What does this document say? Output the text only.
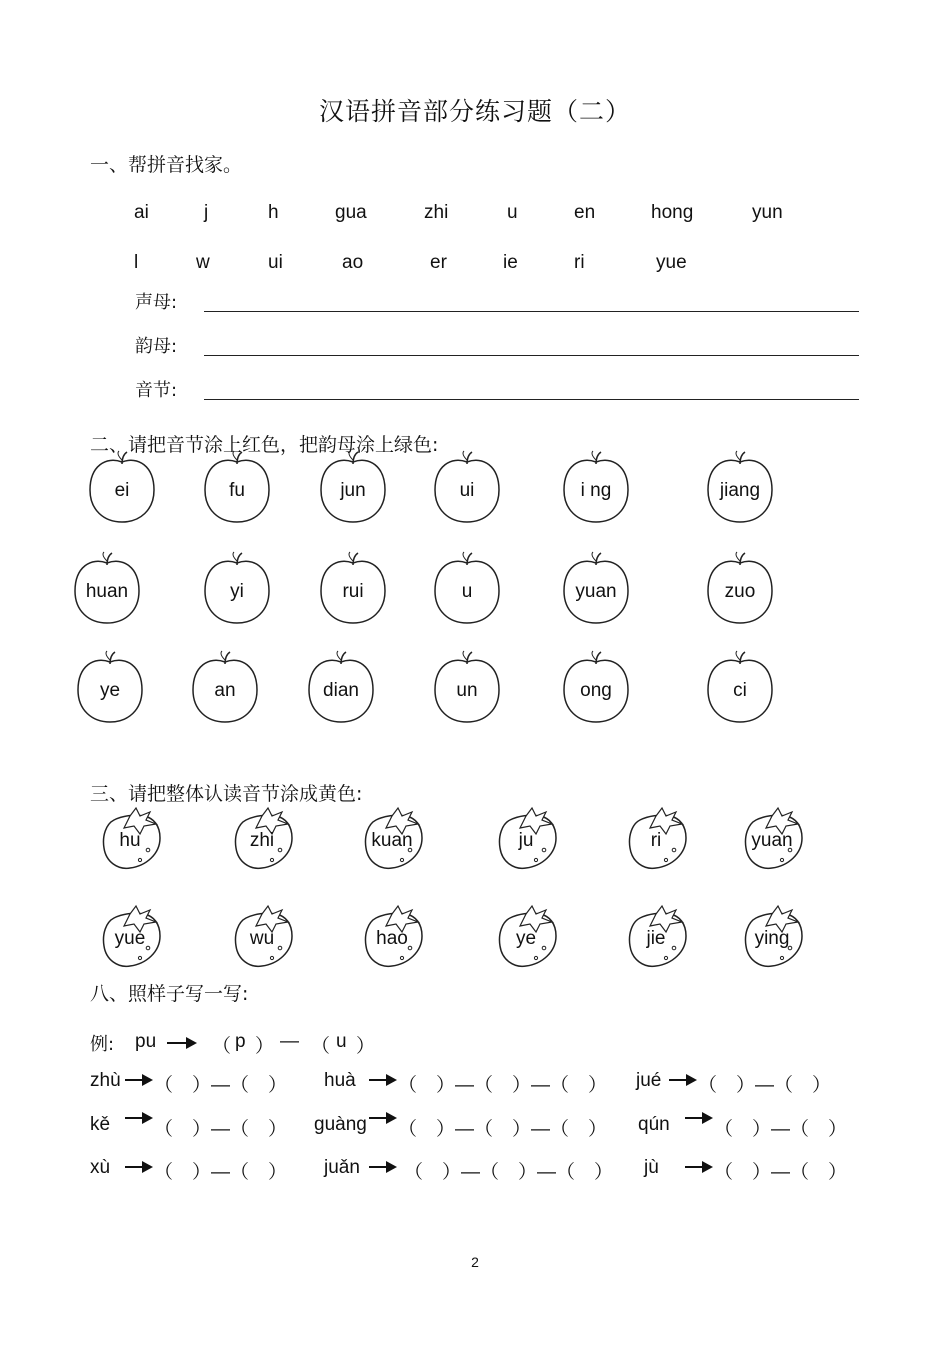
汉语拼音部分练习题（二）
一、帮拼音找家。
ai	j	h	gua	zhi	u	en	hong	yun
l	w	ui	ao	er	ie	ri	yue
声母:
韵母:
音节:
二、请把音节涂上红色，把韵母涂上绿色:
ei	fu	jun	ui	i ng	jiang
huan	yi	rui	u	yuan	zuo
ye	an	dian	un	ong	ci
三、请把整体认读音节涂成黄色:
hu	zhi	kuan	ju	ri	yuan
yue	wu	hao	ye	jie	ying
八、照样子写一写:
例: pu	（ p ） — （ u ）
zhù （　）—（　） huà （　）—（　）—（　） jué （　）—（　）
kě （　）—（　） guàng （　）—（　）—（　） qún （　）—（　）
xù （　）—（　） juǎn （　）—（　）—（　） jù	（　）—（　）
2
